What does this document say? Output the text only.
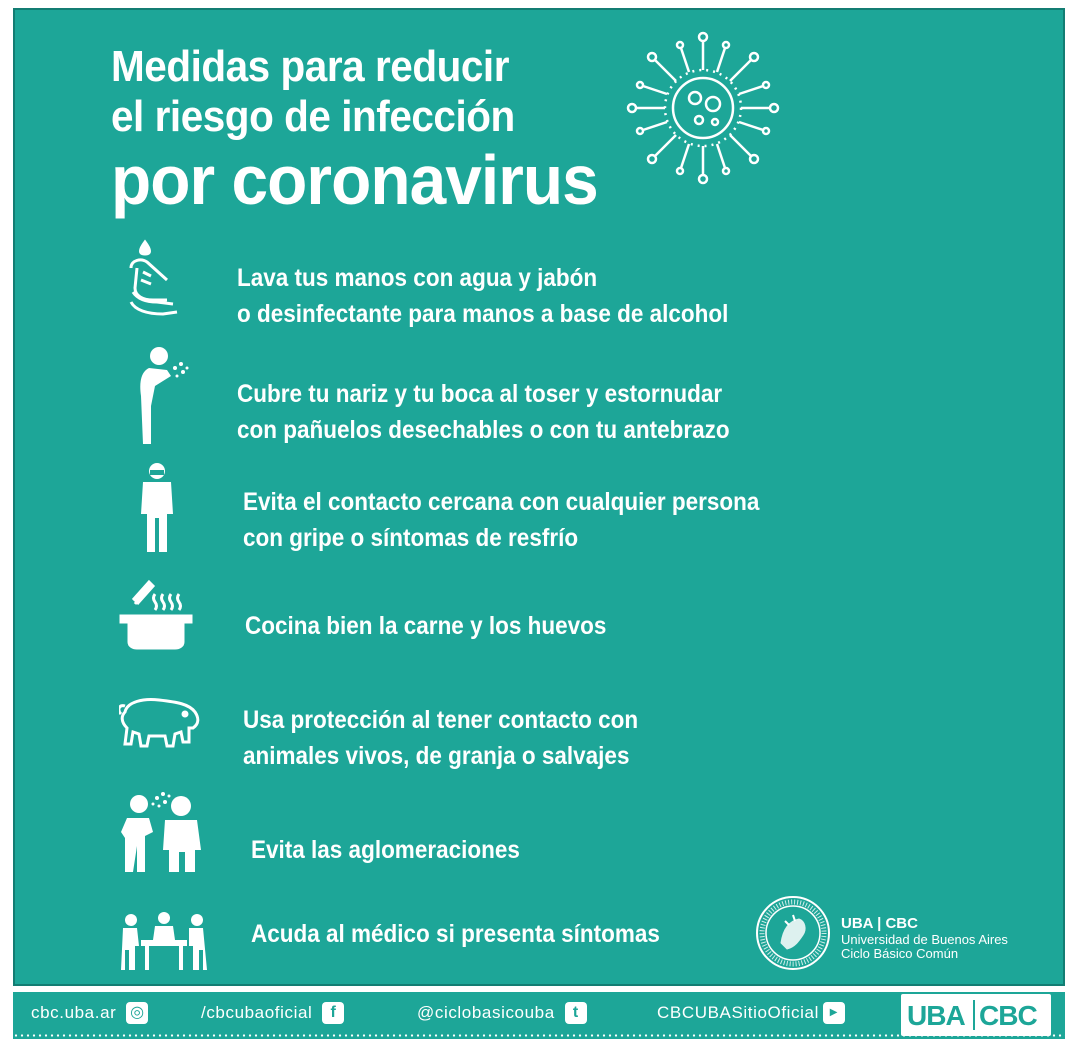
Medidas para reducir
el riesgo de infección
por coronavirus
Lava tus manos con agua y jabón
o desinfectante para manos a base de alcohol
Cubre tu nariz y tu boca al toser y estornudar
con pañuelos desechables o con tu antebrazo
Evita el contacto cercana con cualquier persona
con gripe o síntomas de resfrío
Cocina bien la carne y los huevos
Usa protección al tener contacto con
animales vivos, de granja o salvajes
Evita las aglomeraciones
Acuda al médico si presenta síntomas	UBA | CBC
Universidad de Buenos Aires
Ciclo Básico Común
cbc.uba.ar ◎	/cbcubaoficial	f	@ciclobasicouba	t	CBCUBASitioOficial	▶ UBA CBC
